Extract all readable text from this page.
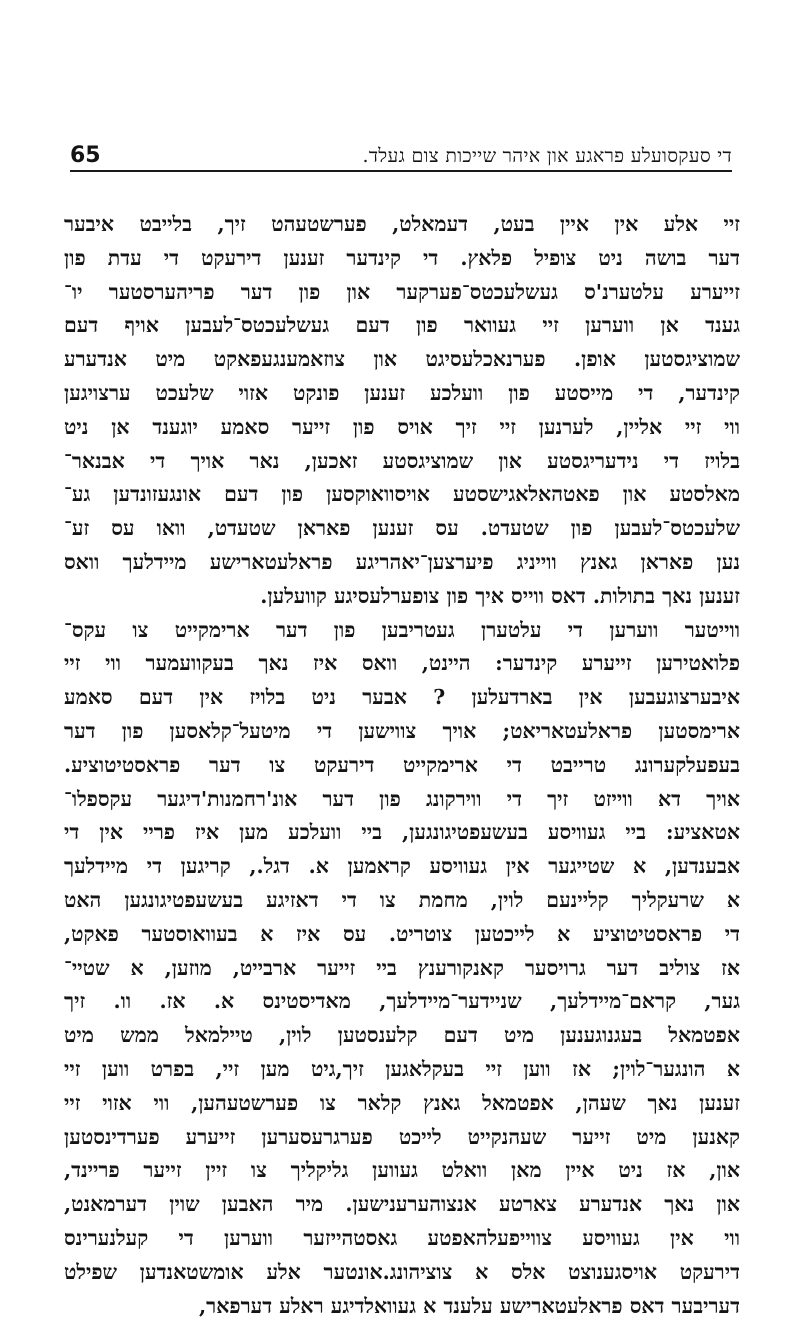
65	די סעקסועלע פראגע און איהר שייכות צום געלד.
זיי אלע אין איין בעט, דעמאלט, פערשטעהט זיך, בלייבט איבער
דער בושה ניט צופיל פלאץ. די קינדער זענען דירעקט די עדת פון
זייערע עלטערנ'ס געשלעכטס־פערקער און פון דער פריהערסטער יו־
גענד אן ווערען זיי געוואר פון דעם געשלעכטס־לעבען אויף דעם
שמוציגסטען אופן. פערנאכלעסיגט און צוזאמענגעפאקט מיט אנדערע
קינדער, די מייסטע פון וועלכע זענען פונקט אזוי שלעכט ערצויגען
ווי זיי אליין, לערנען זיי זיך אויס פון זייער סאמע יוגענד אן ניט
בלויז די נידעריגסטע און שמוציגסטע זאכען, נאר אויך די אבנאר־
מאלסטע און פאטהאלאגישסטע אויסוואוקסען פון דעם אונגעזונדען גע־
שלעכטס־לעבען פון שטעדט. עס זענען פאראן שטעדט, וואו עס זע־
נען פאראן גאנץ ווייניג פיערצען־יאהריגע פראלעטארישע מיידלעך וואס
זענען נאך בתולות. דאס ווייס איך פון צופערלעסיגע קוועלען.
ווייטער ווערען די עלטערן געטריבען פון דער ארימקייט צו עקס־
פלואטירען זייערע קינדער: היינט, וואס איז נאך בעקוועמער ווי זיי
איבערצוגעבען אין בארדעלען ? אבער ניט בלויז אין דעם סאמע
ארימסטען פראלעטאריאט; אויך צווישען די מיטעל־קלאסען פון דער
בעפעלקערונג טרייבט די ארימקייט דירעקט צו דער פראסטיטוציע.
אויך דא ווייזט זיך די ווירקונג פון דער אונ'רחמנות'דיגער עקספלו־
אטאציע: ביי געוויסע בעשעפטיגונגען, ביי וועלכע מען איז פריי אין די
אבענדען, א שטייגער אין געוויסע קראמען א. דגל., קריגען די מיידלעך
א שרעקליך קליינעם לוין, מחמת צו די דאזיגע בעשעפטיגונגען האט
די פראסטיטוציע א לייכטען צוטריט. עס איז א בעוואוסטער פאקט,
אז צוליב דער גרויסער קאנקורענץ ביי זייער ארבייט, מוזען, א שטיי־
גער, קראם־מיידלעך, שניידער־מיידלעך, מאדיסטינס א. אז. וו. זיך
אפטמאל בעגנוגענען מיט דעם קלענסטען לוין, טיילמאל ממש מיט
א הונגער־לוין; אז ווען זיי בעקלאגען זיך,גיט מען זיי, בפרט ווען זיי
זענען נאך שעהן, אפטמאל גאנץ קלאר צו פערשטעהען, ווי אזוי זיי
קאנען מיט זייער שעהנקייט לייכט פערגרעסערען זייערע פערדינסטען
און, אז ניט איין מאן וואלט געווען גליקליך צו זיין זייער פריינד,
און נאך אנדערע צארטע אנצוהערענישען. מיר האבען שוין דערמאנט,
ווי אין געוויסע צווייפעלהאפטע גאסטהייזער ווערען די קעלנערינס
דירעקט אויסגענוצט אלס א צוציהונג.אונטער אלע אומשטאנדען שפילט
דעריבער דאס פראלעטארישע עלענד א געוואלדיגע ראלע דערפאר,
